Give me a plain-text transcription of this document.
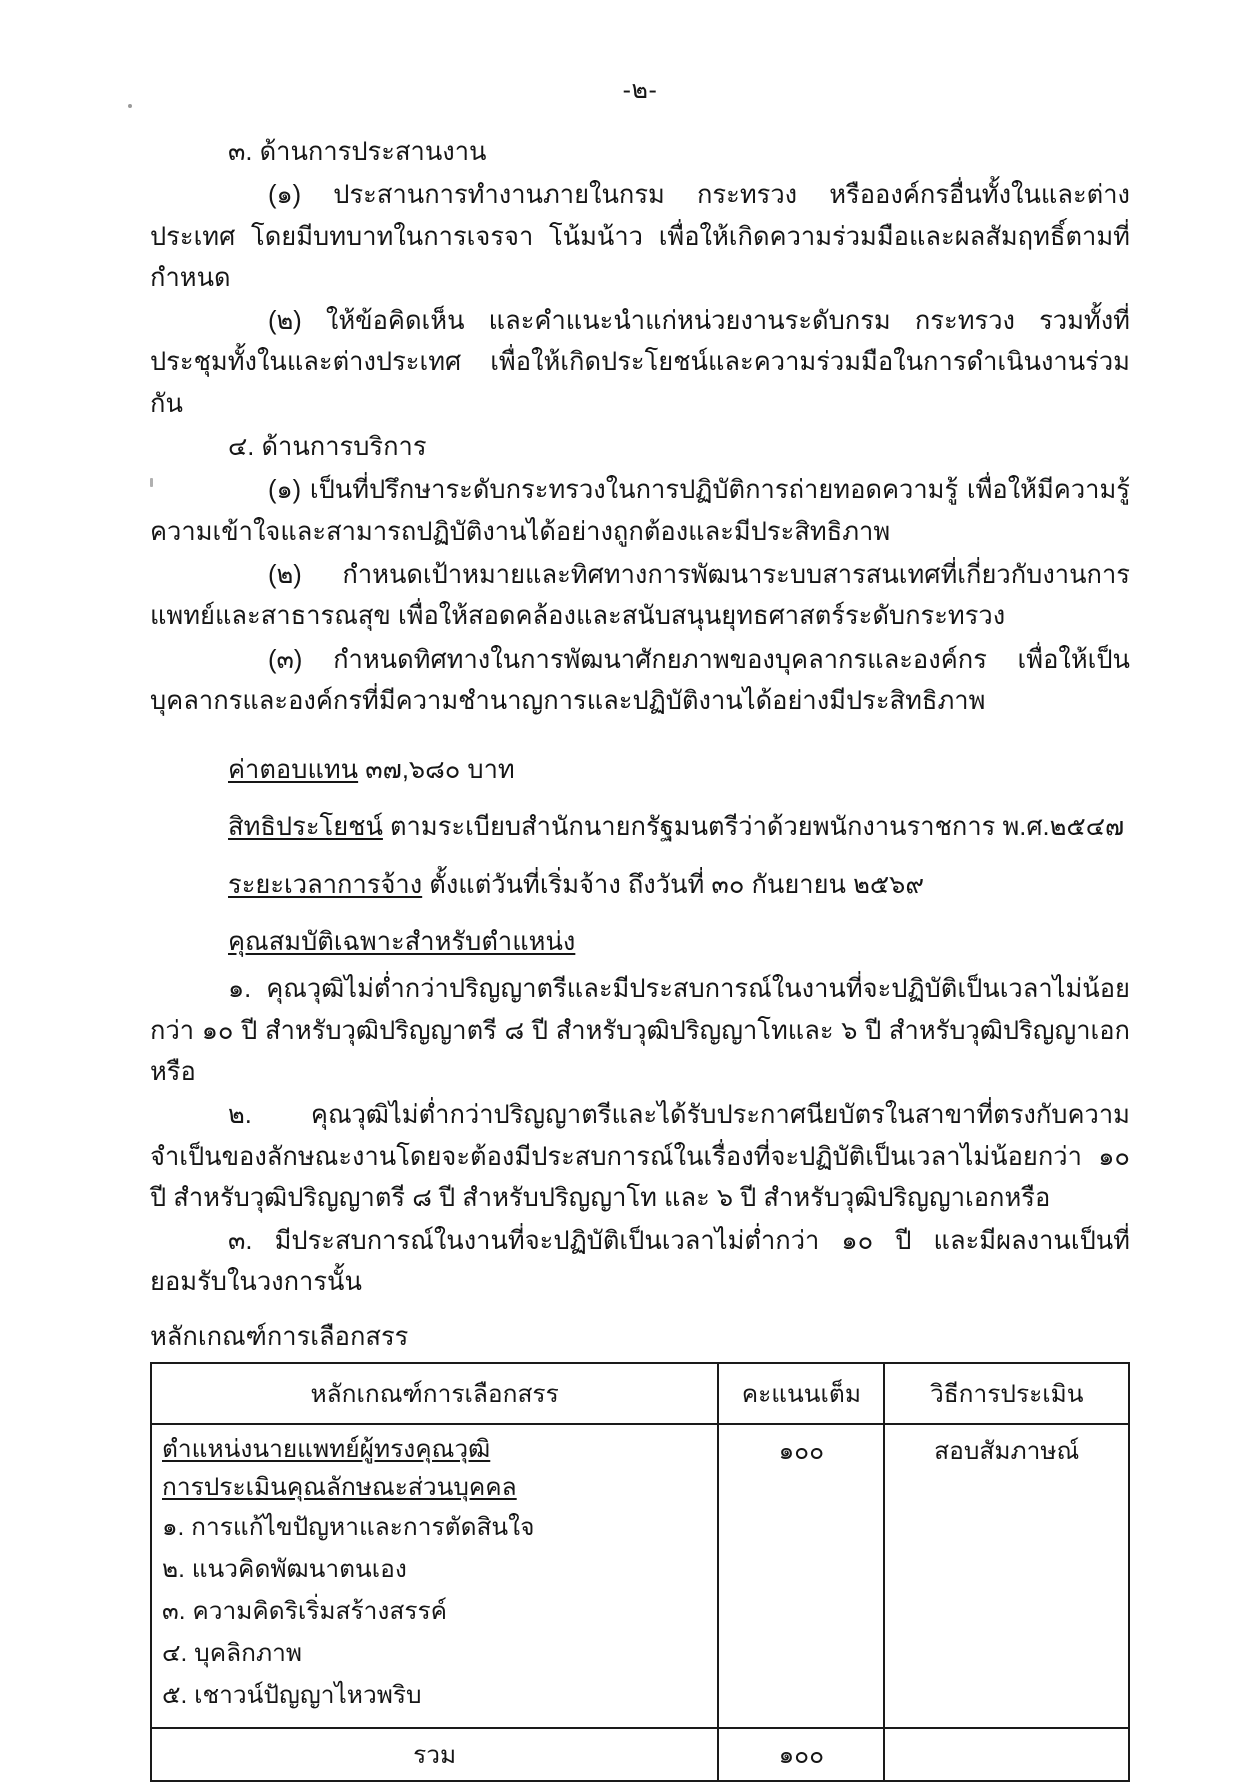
-๒-

๓. ด้านการประสานงาน

(๑) ประสานการทำงานภายในกรม กระทรวง หรือองค์กรอื่นทั้งในและต่างประเทศ โดยมีบทบาทในการเจรจา โน้มน้าว เพื่อให้เกิดความร่วมมือและผลสัมฤทธิ์ตามที่กำหนด

(๒) ให้ข้อคิดเห็น และคำแนะนำแก่หน่วยงานระดับกรม กระทรวง รวมทั้งที่ประชุมทั้งในและต่างประเทศ เพื่อให้เกิดประโยชน์และความร่วมมือในการดำเนินงานร่วมกัน

๔. ด้านการบริการ

(๑) เป็นที่ปรึกษาระดับกระทรวงในการปฏิบัติการถ่ายทอดความรู้ เพื่อให้มีความรู้ความเข้าใจและสามารถปฏิบัติงานได้อย่างถูกต้องและมีประสิทธิภาพ

(๒) กำหนดเป้าหมายและทิศทางการพัฒนาระบบสารสนเทศที่เกี่ยวกับงานการแพทย์และสาธารณสุข เพื่อให้สอดคล้องและสนับสนุนยุทธศาสตร์ระดับกระทรวง

(๓) กำหนดทิศทางในการพัฒนาศักยภาพของบุคลากรและองค์กร เพื่อให้เป็นบุคลากรและองค์กรที่มีความชำนาญการและปฏิบัติงานได้อย่างมีประสิทธิภาพ

ค่าตอบแทน ๓๗,๖๘๐ บาท

สิทธิประโยชน์ ตามระเบียบสำนักนายกรัฐมนตรีว่าด้วยพนักงานราชการ พ.ศ.๒๕๔๗

ระยะเวลาการจ้าง ตั้งแต่วันที่เริ่มจ้าง ถึงวันที่ ๓๐ กันยายน ๒๕๖๙

คุณสมบัติเฉพาะสำหรับตำแหน่ง

๑. คุณวุฒิไม่ต่ำกว่าปริญญาตรีและมีประสบการณ์ในงานที่จะปฏิบัติเป็นเวลาไม่น้อยกว่า ๑๐ ปี สำหรับวุฒิปริญญาตรี ๘ ปี สำหรับวุฒิปริญญาโทและ ๖ ปี สำหรับวุฒิปริญญาเอก หรือ

๒. คุณวุฒิไม่ต่ำกว่าปริญญาตรีและได้รับประกาศนียบัตรในสาขาที่ตรงกับความจำเป็นของลักษณะงานโดยจะต้องมีประสบการณ์ในเรื่องที่จะปฏิบัติเป็นเวลาไม่น้อยกว่า ๑๐ ปี สำหรับวุฒิปริญญาตรี ๘ ปี สำหรับปริญญาโท และ ๖ ปี สำหรับวุฒิปริญญาเอกหรือ

๓. มีประสบการณ์ในงานที่จะปฏิบัติเป็นเวลาไม่ต่ำกว่า ๑๐ ปี และมีผลงานเป็นที่ยอมรับในวงการนั้น

หลักเกณฑ์การเลือกสรร
หลักเกณฑ์การเลือกสรร	คะแนนเต็ม	วิธีการประเมิน
ตำแหน่งนายแพทย์ผู้ทรงคุณวุฒิ
การประเมินคุณลักษณะส่วนบุคคล
๑. การแก้ไขปัญหาและการตัดสินใจ
๒. แนวคิดพัฒนาตนเอง
๓. ความคิดริเริ่มสร้างสรรค์
๔. บุคลิกภาพ
๕. เชาวน์ปัญญาไหวพริบ
	๑๐๐	สอบสัมภาษณ์
รวม	๑๐๐	
